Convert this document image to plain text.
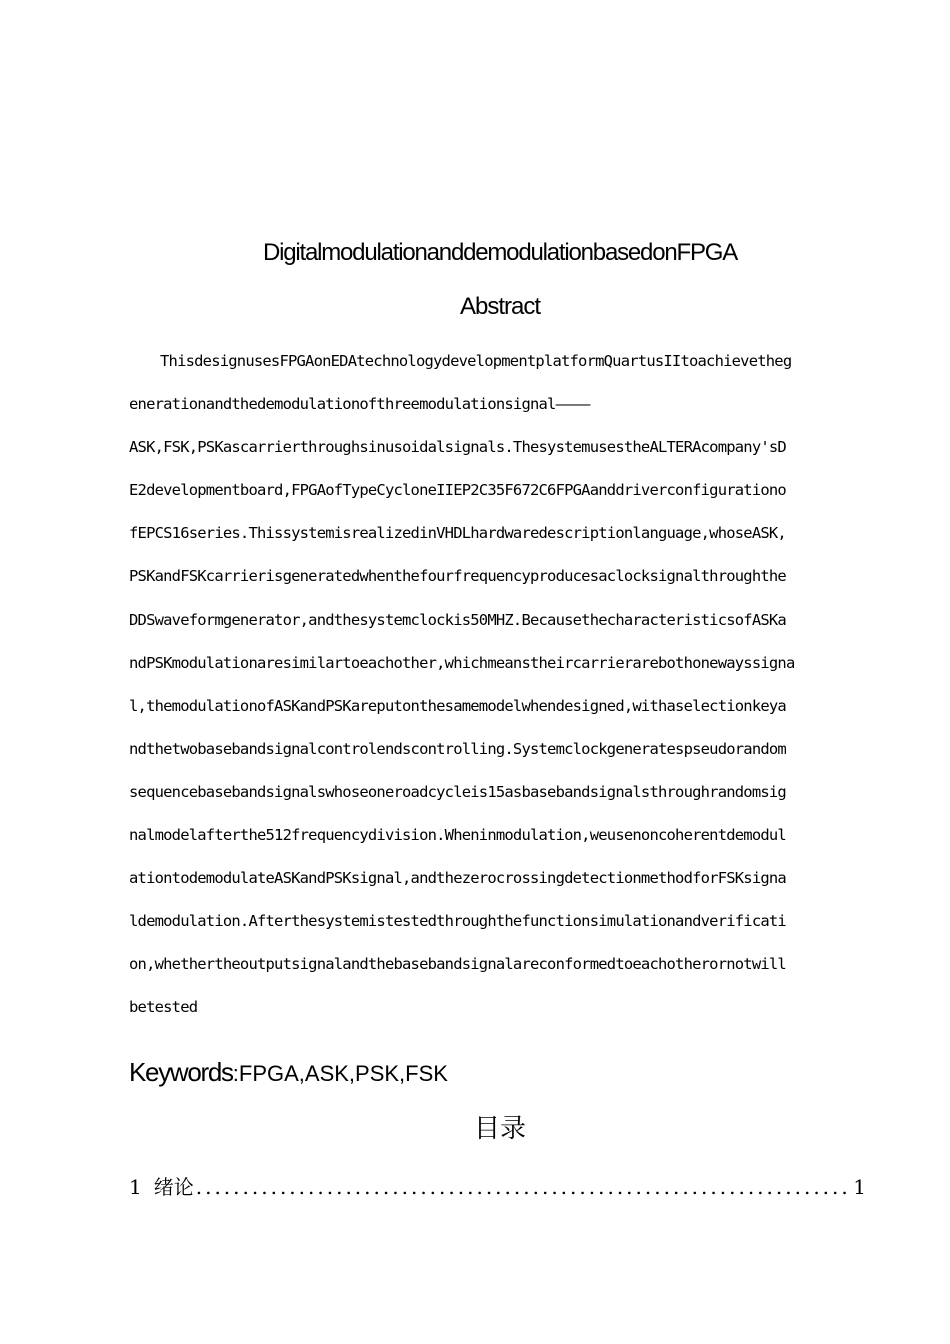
DigitalmodulationanddemodulationbasedonFPGA
Abstract
ThisdesignusesFPGAonEDAtechnologydevelopmentplatformQuartusIItoachievetheg
enerationandthedemodulationofthreemodulationsignal————
ASK,FSK,PSKascarrierthroughsinusoidalsignals.ThesystemusestheALTERAcompany'sD
E2developmentboard,FPGAofTypeCycloneIIEP2C35F672C6FPGAanddriverconfigurationo
fEPCS16series.ThissystemisrealizedinVHDLhardwaredescriptionlanguage,whoseASK,
PSKandFSKcarrierisgeneratedwhenthefourfrequencyproducesaclocksignalthroughthe
DDSwaveformgenerator,andthesystemclockis50MHZ.BecausethecharacteristicsofASKa
ndPSKmodulationaresimilartoeachother,whichmeanstheircarrierarebothonewayssigna
l,themodulationofASKandPSKareputonthesamemodelwhendesigned,withaselectionkeya
ndthetwobasebandsignalcontrolendscontrolling.Systemclockgeneratespseudorandom
sequencebasebandsignalswhoseoneroadcycleis15asbasebandsignalsthroughrandomsig
nalmodelafterthe512frequencydivision.Wheninmodulation,weusenoncoherentdemodul
ationtodemodulateASKandPSKsignal,andthezerocrossingdetectionmethodforFSKsigna
ldemodulation.Afterthesystemistestedthroughthefunctionsimulationandverificati
on,whethertheoutputsignalandthebasebandsignalareconformedtoeachotherornotwill
betested
Keywords:FPGA,ASK,PSK,FSK
目录
1 绪论
.....	1
